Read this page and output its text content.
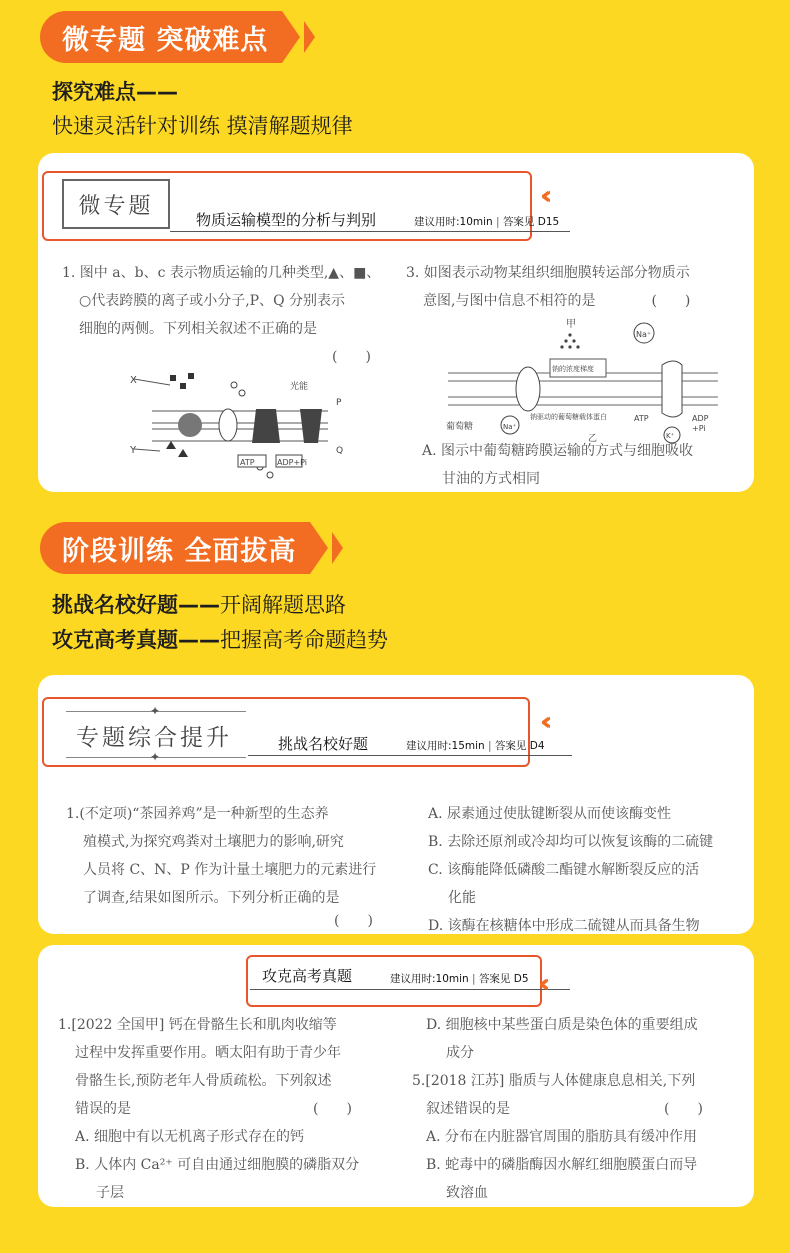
微专题 突破难点
探究难点——
快速灵活针对训练 摸清解题规律
微专题
物质运输模型的分析与判别	建议用时:10min | 答案见 D15
‹‹

1. 图中 a、b、c 表示物质运输的几种类型,▲、■、

○代表跨膜的离子或小分子,P、Q 分别表示

细胞的两侧。下列相关叙述不正确的是

(　　)

X
Y
ATP	ADP+Pi
光能
P
Q

3. 如图表示动物某组织细胞膜转运部分物质示

意图,与图中信息不相符的是　　　　(　　)

甲
钠的浓度梯度
Na⁺
葡萄糖	Na⁺
钠驱动的葡萄糖载体蛋白
乙
ATP	ADP
+Pi
K⁺

A. 图示中葡萄糖跨膜运输的方式与细胞吸收

甘油的方式相同

阶段训练 全面拔高
挑战名校好题——开阔解题思路
攻克高考真题——把握高考命题趋势
✦
✦
专题综合提升	挑战名校好题	建议用时:15min | 答案见 D4
‹‹

1.(不定项)“茶园养鸡”是一种新型的生态养

殖模式,为探究鸡粪对土壤肥力的影响,研究

人员将 C、N、P 作为计量土壤肥力的元素进行

了调查,结果如图所示。下列分析正确的是

(　　)

A. 尿素通过使肽键断裂从而使该酶变性

B. 去除还原剂或冷却均可以恢复该酶的二硫键

C. 该酶能降低磷酸二酯键水解断裂反应的活

化能

D. 该酶在核糖体中形成二硫键从而具备生物

攻克高考真题	建议用时:10min | 答案见 D5 ‹‹

1.[2022 全国甲] 钙在骨骼生长和肌肉收缩等

过程中发挥重要作用。晒太阳有助于青少年

骨骼生长,预防老年人骨质疏松。下列叙述

错误的是　　　　　　　　　　　　　(　　)

A. 细胞中有以无机离子形式存在的钙

B. 人体内 Ca²⁺ 可自由通过细胞膜的磷脂双分

子层

D. 细胞核中某些蛋白质是染色体的重要组成

成分

5.[2018 江苏] 脂质与人体健康息息相关,下列

叙述错误的是　　　　　　　　　　　(　　)

A. 分布在内脏器官周围的脂肪具有缓冲作用

B. 蛇毒中的磷脂酶因水解红细胞膜蛋白而导

致溶血
